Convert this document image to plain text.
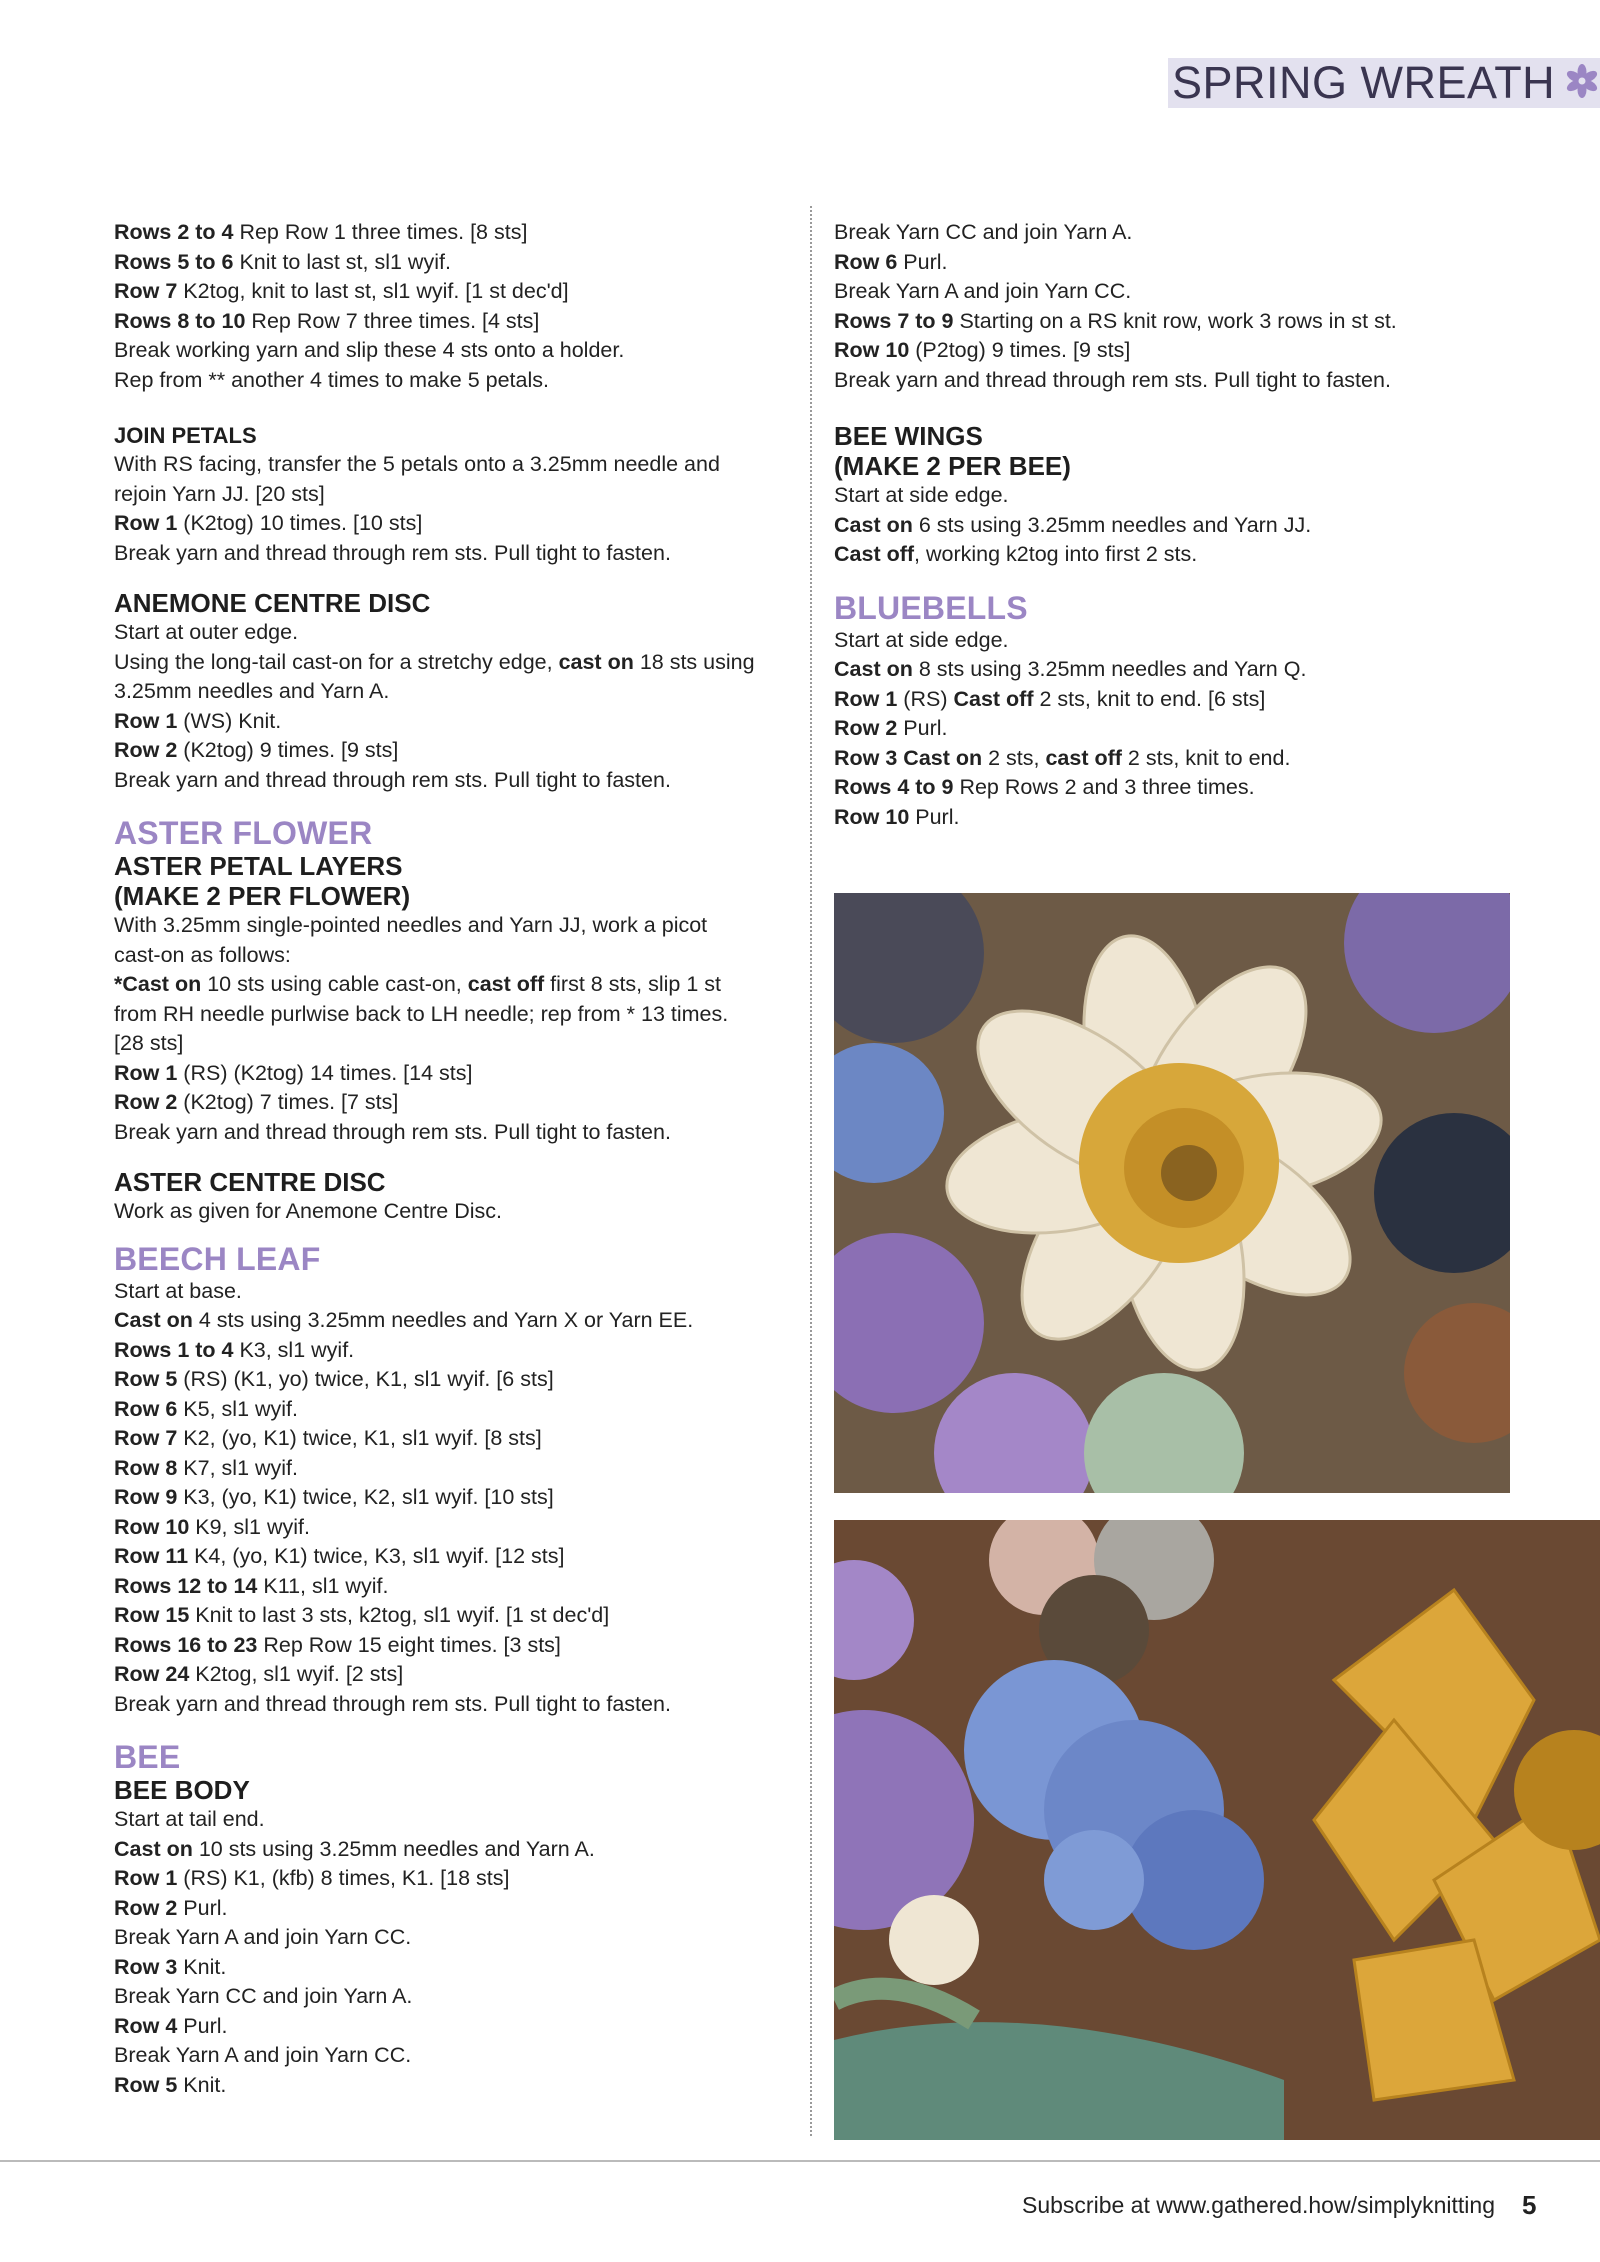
SPRING WREATH

Rows 2 to 4 Rep Row 1 three times. [8 sts]

Rows 5 to 6 Knit to last st, sl1 wyif.

Row 7 K2tog, knit to last st, sl1 wyif. [1 st dec'd]

Rows 8 to 10 Rep Row 7 three times. [4 sts]

Break working yarn and slip these 4 sts onto a holder.

Rep from ** another 4 times to make 5 petals.

JOIN PETALS

With RS facing, transfer the 5 petals onto a 3.25mm needle and

rejoin Yarn JJ. [20 sts]

Row 1 (K2tog) 10 times. [10 sts]

Break yarn and thread through rem sts. Pull tight to fasten.

ANEMONE CENTRE DISC

Start at outer edge.

Using the long-tail cast-on for a stretchy edge, cast on 18 sts using

3.25mm needles and Yarn A.

Row 1 (WS) Knit.

Row 2 (K2tog) 9 times. [9 sts]

Break yarn and thread through rem sts. Pull tight to fasten.

ASTER FLOWER

ASTER PETAL LAYERS

(MAKE 2 PER FLOWER)

With 3.25mm single-pointed needles and Yarn JJ, work a picot

cast-on as follows:

*Cast on 10 sts using cable cast-on, cast off first 8 sts, slip 1 st

from RH needle purlwise back to LH needle; rep from * 13 times.

[28 sts]

Row 1 (RS) (K2tog) 14 times. [14 sts]

Row 2 (K2tog) 7 times. [7 sts]

Break yarn and thread through rem sts. Pull tight to fasten.

ASTER CENTRE DISC

Work as given for Anemone Centre Disc.

BEECH LEAF

Start at base.

Cast on 4 sts using 3.25mm needles and Yarn X or Yarn EE.

Rows 1 to 4 K3, sl1 wyif.

Row 5 (RS) (K1, yo) twice, K1, sl1 wyif. [6 sts]

Row 6 K5, sl1 wyif.

Row 7 K2, (yo, K1) twice, K1, sl1 wyif. [8 sts]

Row 8 K7, sl1 wyif.

Row 9 K3, (yo, K1) twice, K2, sl1 wyif. [10 sts]

Row 10 K9, sl1 wyif.

Row 11 K4, (yo, K1) twice, K3, sl1 wyif. [12 sts]

Rows 12 to 14 K11, sl1 wyif.

Row 15 Knit to last 3 sts, k2tog, sl1 wyif. [1 st dec'd]

Rows 16 to 23 Rep Row 15 eight times. [3 sts]

Row 24 K2tog, sl1 wyif. [2 sts]

Break yarn and thread through rem sts. Pull tight to fasten.

BEE

BEE BODY

Start at tail end.

Cast on 10 sts using 3.25mm needles and Yarn A.

Row 1 (RS) K1, (kfb) 8 times, K1. [18 sts]

Row 2 Purl.

Break Yarn A and join Yarn CC.

Row 3 Knit.

Break Yarn CC and join Yarn A.

Row 4 Purl.

Break Yarn A and join Yarn CC.

Row 5 Knit.

Break Yarn CC and join Yarn A.

Row 6 Purl.

Break Yarn A and join Yarn CC.

Rows 7 to 9 Starting on a RS knit row, work 3 rows in st st.

Row 10 (P2tog) 9 times. [9 sts]

Break yarn and thread through rem sts. Pull tight to fasten.

BEE WINGS

(MAKE 2 PER BEE)

Start at side edge.

Cast on 6 sts using 3.25mm needles and Yarn JJ.

Cast off, working k2tog into first 2 sts.

BLUEBELLS

Start at side edge.

Cast on 8 sts using 3.25mm needles and Yarn Q.

Row 1 (RS) Cast off 2 sts, knit to end. [6 sts]

Row 2 Purl.

Row 3 Cast on 2 sts, cast off 2 sts, knit to end.

Rows 4 to 9 Rep Rows 2 and 3 three times.

Row 10 Purl.

Subscribe at www.gathered.how/simplyknitting 5
